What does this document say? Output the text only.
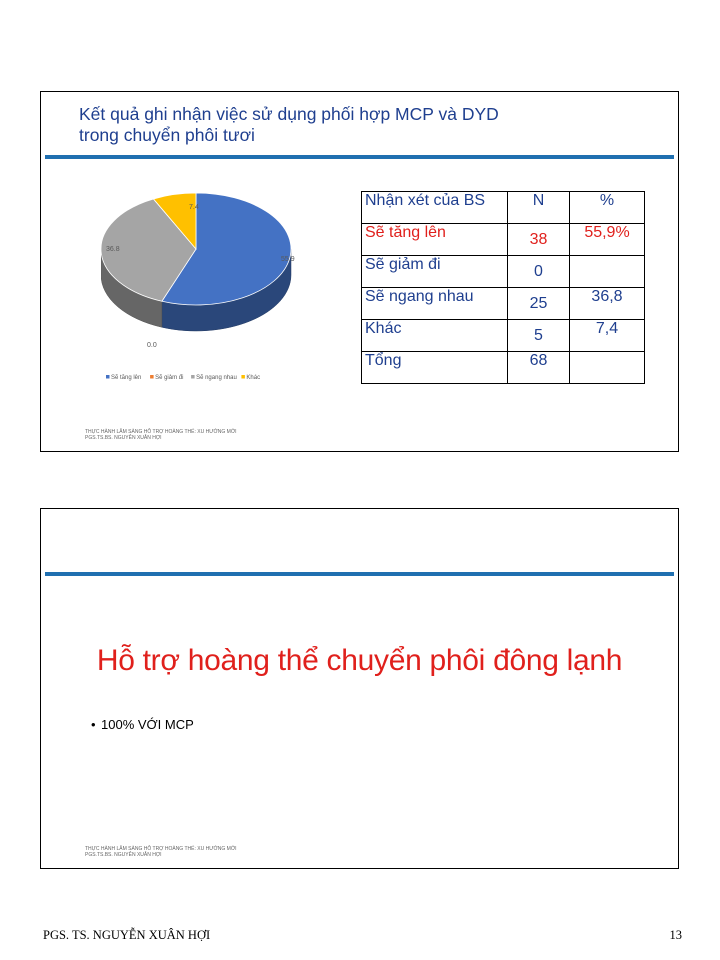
Kết quả ghi nhận việc sử dụng phối hợp MCP và DYD
trong chuyển phôi tươi
55.9
0.0
36.8
7.4
Sẽ tăng lên Sẽ giảm đi Sẽ ngang nhau Khác
Nhận xét của BS	N	%
Sẽ tăng lên	38	55,9%
Sẽ giảm đi	0	
Sẽ ngang nhau	25	36,8
Khác	5	7,4
Tổng	68	
THỰC HÀNH LÂM SÀNG HỖ TRỢ HOÀNG THỂ: XU HƯỚNG MỚI
PGS.TS.BS. NGUYỄN XUÂN HỢI
Hỗ trợ hoàng thể chuyển phôi đông lạnh
• 100% VỚI MCP
THỰC HÀNH LÂM SÀNG HỖ TRỢ HOÀNG THỂ: XU HƯỚNG MỚI
PGS.TS.BS. NGUYỄN XUÂN HỢI
PGS. TS. NGUYỄN XUÂN HỢI	13
